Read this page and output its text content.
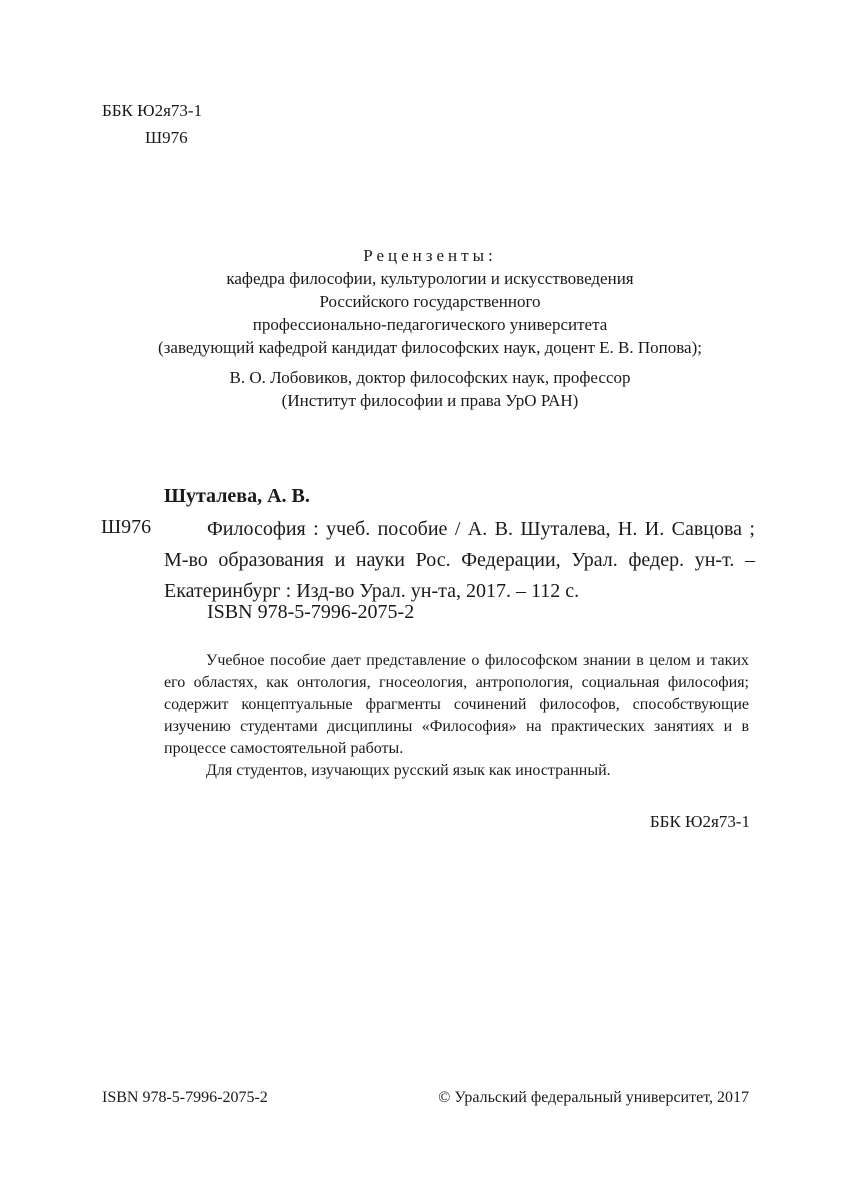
ББК Ю2я73-1
Ш976
Рецензенты:
кафедра философии, культурологии и искусствоведения
Российского государственного
профессионально-педагогического университета
(заведующий кафедрой кандидат философских наук, доцент Е. В. Попова);
В. О. Лобовиков, доктор философских наук, профессор
(Институт философии и права УрО РАН)
Шуталева, А. В.
Ш976	Философия : учеб. пособие / А. В. Шуталева, Н. И. Савцова ; М-во образования и науки Рос. Федерации, Урал. федер. ун-т. – Екатеринбург : Изд-во Урал. ун-та, 2017. – 112 с.
ISBN 978-5-7996-2075-2

Учебное пособие дает представление о философском знании в целом и таких его областях, как онтология, гносеология, антропология, социальная философия; содержит концептуальные фрагменты сочинений философов, способствующие изучению студентами дисциплины «Философия» на практических занятиях и в процессе самостоятельной работы.

Для студентов, изучающих русский язык как иностранный.

ББК Ю2я73-1
ISBN 978-5-7996-2075-2	© Уральский федеральный университет, 2017
